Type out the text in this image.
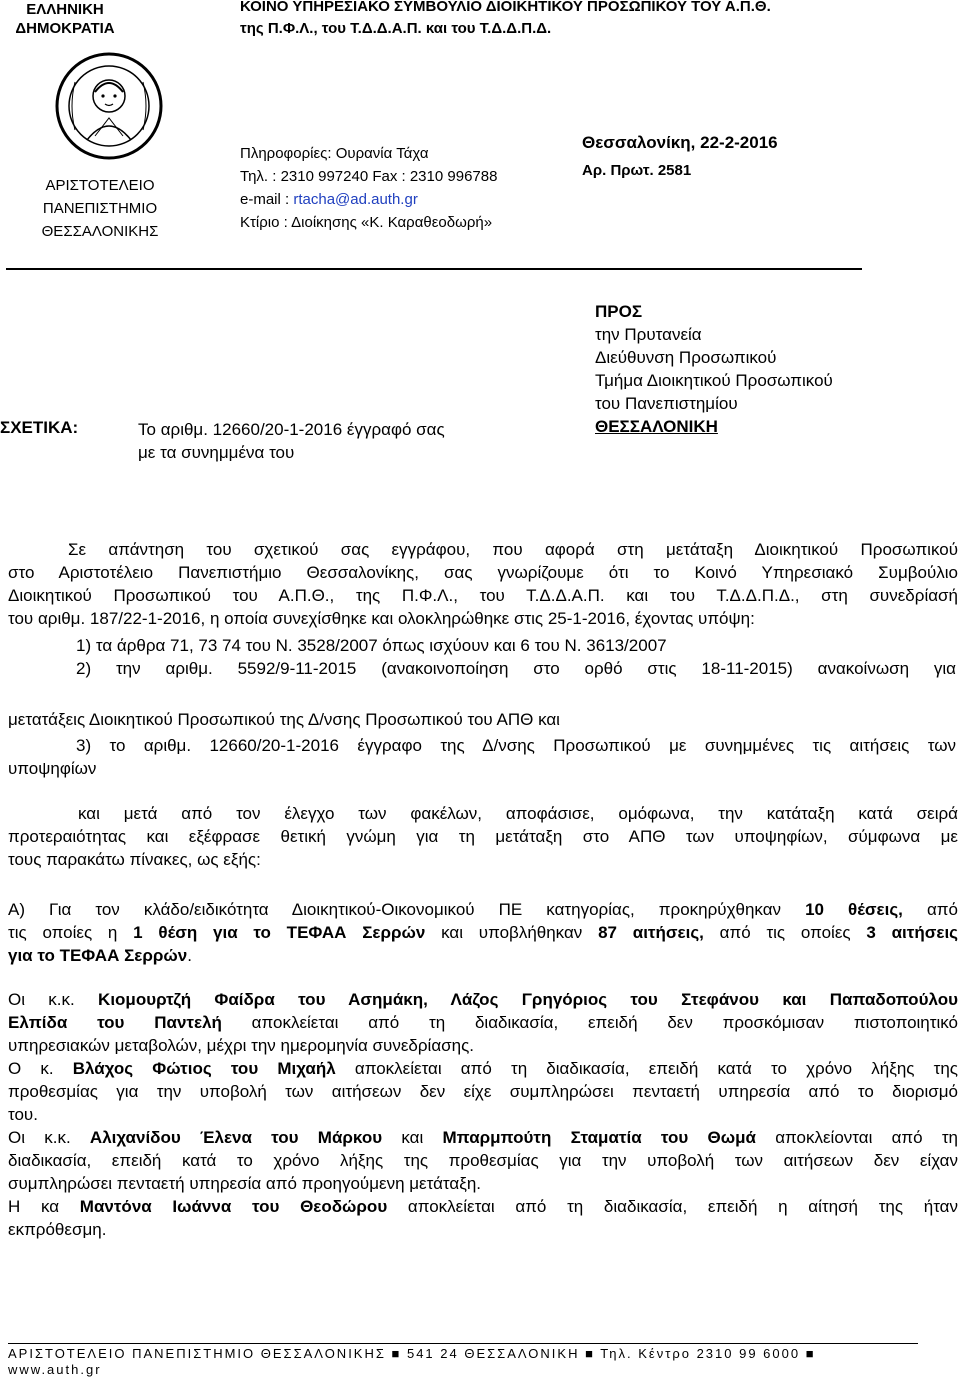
ΕΛΛΗΝΙΚΗ
ΔΗΜΟΚΡΑΤΙΑ
ΑΡΙΣΤΟΤΕΛΕΙΟ
ΠΑΝΕΠΙΣΤΗΜΙΟ
ΘΕΣΣΑΛΟΝΙΚΗΣ
ΚΟΙΝΟ ΥΠΗΡΕΣΙΑΚΟ ΣΥΜΒΟΥΛΙΟ ΔΙΟΙΚΗΤΙΚΟΥ ΠΡΟΣΩΠΙΚΟΥ ΤΟΥ Α.Π.Θ.
της Π.Φ.Λ., του Τ.Δ.Δ.Α.Π. και του Τ.Δ.Δ.Π.Δ.
Πληροφορίες: Ουρανία Τάχα
Τηλ. : 2310 997240 Fax : 2310 996788
e-mail : rtacha@ad.auth.gr
Κτίριο : Διοίκησης «Κ. Καραθεοδωρή»
Θεσσαλονίκη, 22-2-2016
Αρ. Πρωτ. 2581
ΠΡΟΣ
την Πρυτανεία
Διεύθυνση Προσωπικού
Τμήμα Διοικητικού Προσωπικού
του Πανεπιστημίου
ΘΕΣΣΑΛΟΝΙΚΗ
ΣΧΕΤΙΚΑ:	Το αριθμ. 12660/20-1-2016 έγγραφό σας
με τα συνημμένα του
Σε απάντηση του σχετικού σας εγγράφου, που αφορά στη μετάταξη Διοικητικού Προσωπικού
στο Αριστοτέλειο Πανεπιστήμιο Θεσσαλονίκης, σας γνωρίζουμε ότι το Κοινό Υπηρεσιακό Συμβούλιο
Διοικητικού Προσωπικού του Α.Π.Θ., της Π.Φ.Λ., του Τ.Δ.Δ.Α.Π. και του Τ.Δ.Δ.Π.Δ., στη συνεδρίασή
του αριθμ. 187/22-1-2016, η οποία συνεχίσθηκε και ολοκληρώθηκε στις 25-1-2016, έχοντας υπόψη:
1) τα άρθρα 71, 73 74 του Ν. 3528/2007 όπως ισχύουν και 6 του Ν. 3613/2007
2) την αριθμ. 5592/9-11-2015 (ανακοινοποίηση στο ορθό στις 18-11-2015) ανακοίνωση για
μετατάξεις Διοικητικού Προσωπικού της Δ/νσης Προσωπικού του ΑΠΘ και
3) το αριθμ. 12660/20-1-2016 έγγραφο της Δ/νσης Προσωπικού με συνημμένες τις αιτήσεις των
υποψηφίων
και μετά από τον έλεγχο των φακέλων, αποφάσισε, ομόφωνα, την κατάταξη κατά σειρά
προτεραιότητας και εξέφρασε θετική γνώμη για τη μετάταξη στο ΑΠΘ των υποψηφίων, σύμφωνα με
τους παρακάτω πίνακες, ως εξής:
Α) Για τον κλάδο/ειδικότητα Διοικητικού-Οικονομικού ΠΕ κατηγορίας, προκηρύχθηκαν 10 θέσεις, από
τις οποίες η 1 θέση για το ΤΕΦΑΑ Σερρών και υποβλήθηκαν 87 αιτήσεις, από τις οποίες 3 αιτήσεις
για το ΤΕΦΑΑ Σερρών.
Οι κ.κ. Κιομουρτζή Φαίδρα του Ασημάκη, Λάζος Γρηγόριος του Στεφάνου και Παπαδοπούλου
Ελπίδα του Παντελή αποκλείεται από τη διαδικασία, επειδή δεν προσκόμισαν πιστοποιητικό
υπηρεσιακών μεταβολών, μέχρι την ημερομηνία συνεδρίασης.
Ο κ. Βλάχος Φώτιος του Μιχαήλ αποκλείεται από τη διαδικασία, επειδή κατά το χρόνο λήξης της
προθεσμίας για την υποβολή των αιτήσεων δεν είχε συμπληρώσει πενταετή υπηρεσία από το διορισμό
του.
Οι κ.κ. Αλιχανίδου Έλενα του Μάρκου και Μπαρμπούτη Σταματία του Θωμά αποκλείονται από τη
διαδικασία, επειδή κατά το χρόνο λήξης της προθεσμίας για την υποβολή των αιτήσεων δεν είχαν
συμπληρώσει πενταετή υπηρεσία από προηγούμενη μετάταξη.
Η κα Μαντόνα Ιωάννα του Θεοδώρου αποκλείεται από τη διαδικασία, επειδή η αίτησή της ήταν
εκπρόθεσμη.
ΑΡΙΣΤΟΤΕΛΕΙΟ ΠΑΝΕΠΙΣΤΗΜΙΟ ΘΕΣΣΑΛΟΝΙΚΗΣ ■ 541 24 ΘΕΣΣΑΛΟΝΙΚΗ ■ Τηλ. Κέντρο 2310 99 6000 ■
www.auth.gr
